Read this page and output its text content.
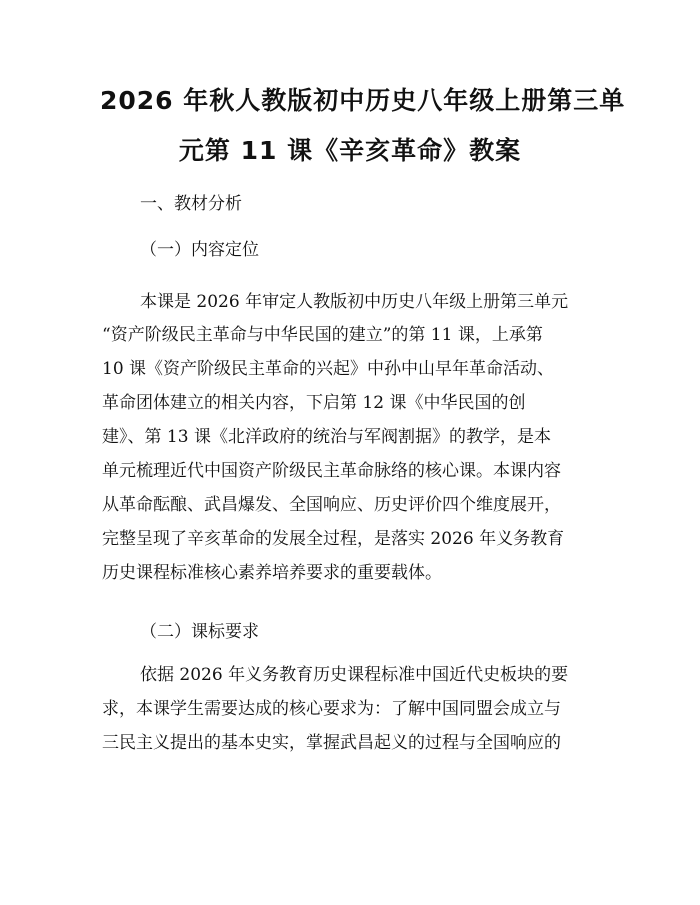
2026 年秋人教版初中历史八年级上册第三单
元第 11 课《辛亥革命》教案
一、教材分析
（一）内容定位
本课是 2026 年审定人教版初中历史八年级上册第三单元
“资产阶级民主革命与中华民国的建立”的第 11 课，上承第
10 课《资产阶级民主革命的兴起》中孙中山早年革命活动、
革命团体建立的相关内容，下启第 12 课《中华民国的创
建》、第 13 课《北洋政府的统治与军阀割据》的教学，是本
单元梳理近代中国资产阶级民主革命脉络的核心课。本课内容
从革命酝酿、武昌爆发、全国响应、历史评价四个维度展开，
完整呈现了辛亥革命的发展全过程，是落实 2026 年义务教育
历史课程标准核心素养培养要求的重要载体。
（二）课标要求
依据 2026 年义务教育历史课程标准中国近代史板块的要
求，本课学生需要达成的核心要求为：了解中国同盟会成立与
三民主义提出的基本史实，掌握武昌起义的过程与全国响应的
